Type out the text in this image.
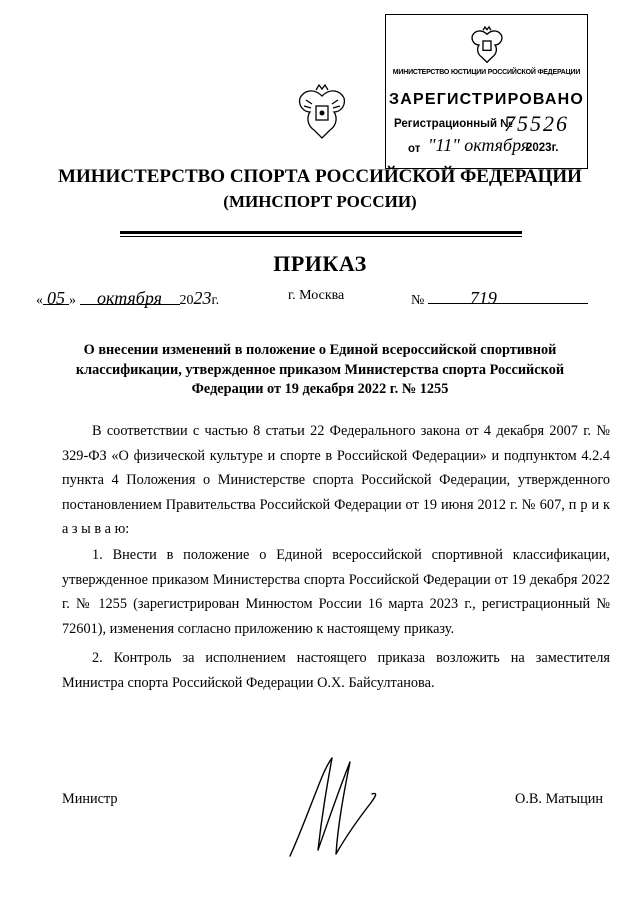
МИНИСТЕРСТВО ЮСТИЦИИ РОССИЙСКОЙ ФЕДЕРАЦИИ
ЗАРЕГИСТРИРОВАНО
Регистрационный №
75526
от "11" октября
2023г.
МИНИСТЕРСТВО СПОРТА РОССИЙСКОЙ ФЕДЕРАЦИИ
(МИНСПОРТ РОССИИ)
ПРИКАЗ
« 05 » октября 2023г.	г. Москва	№	719
О внесении изменений в положение о Единой всероссийской спортивной классификации, утвержденное приказом Министерства спорта Российской Федерации от 19 декабря 2022 г. № 1255

В соответствии с частью 8 статьи 22 Федерального закона от 4 декабря 2007 г. № 329-ФЗ «О физической культуре и спорте в Российской Федерации» и подпунктом 4.2.4 пункта 4 Положения о Министерстве спорта Российской Федерации, утвержденного постановлением Правительства Российской Федерации от 19 июня 2012 г. № 607, п р и к а з ы в а ю:

1. Внести в положение о Единой всероссийской спортивной классификации, утвержденное приказом Министерства спорта Российской Федерации от 19 декабря 2022 г. № 1255 (зарегистрирован Минюстом России 16 марта 2023 г., регистрационный № 72601), изменения согласно приложению к настоящему приказу.

2. Контроль за исполнением настоящего приказа возложить на заместителя Министра спорта Российской Федерации О.Х. Байсултанова.

Министр	О.В. Матыцин
